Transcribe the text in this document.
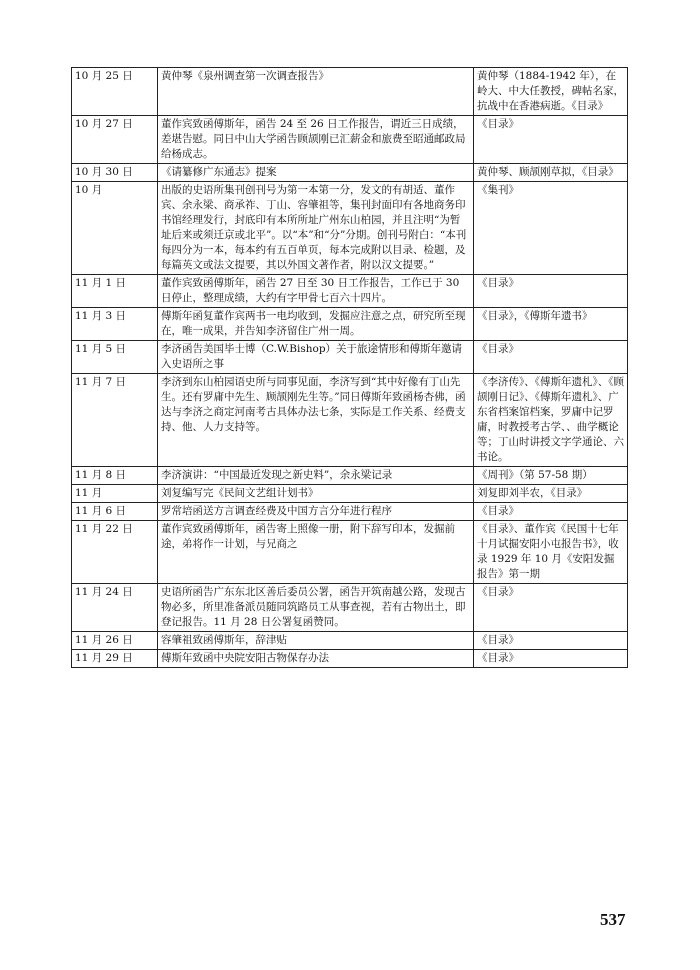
10 月 25 日	黄仲琴《泉州调查第一次调查报告》	黄仲琴（1884-1942 年），在岭大、中大任教授，碑帖名家，抗战中在香港病逝。《目录》
10 月 27 日	董作宾致函傅斯年，函告 24 至 26 日工作报告，谓近三日成绩，差堪告慰。同日中山大学函告顾颉刚已汇薪金和旅费至昭通邮政局给杨成志。	《目录》
10 月 30 日	《请纂修广东通志》提案	黄仲琴、顾颉刚草拟，《目录》
10 月	出版的史语所集刊创刊号为第一本第一分，发文的有胡适、董作宾、余永梁、商承祚、丁山、容肇祖等，集刊封面印有各地商务印书馆经理发行，封底印有本所所址广州东山柏园，并且注明“为暂址后来或须迁京或北平”。以“本”和“分”分期。创刊号附白：“本刊每四分为一本，每本约有五百单页，每本完成附以目录、检题，及每篇英文或法文提要，其以外国文著作者，附以汉文提要。”	《集刊》
11 月 1 日	董作宾致函傅斯年，函告 27 日至 30 日工作报告，工作已于 30 日停止，整理成绩，大约有字甲骨七百六十四片。	《目录》
11 月 3 日	傅斯年函复董作宾两书一电均收到，发掘应注意之点，研究所至现在，唯一成果，并告知李济留住广州一周。	《目录》，《傅斯年遗书》
11 月 5 日	李济函告美国毕士博（C.W.Bishop）关于旅途情形和傅斯年邀请入史语所之事	《目录》
11 月 7 日	李济到东山柏园语史所与同事见面，李济写到“其中好像有丁山先生。还有罗庸中先生、顾颉刚先生等。”同日傅斯年致函杨杏佛，函达与李济之商定河南考古具体办法七条，实际是工作关系、经费支持、他、人力支持等。	《李济传》、《傅斯年遗札》、《顾颉刚日记》、《傅斯年遗札》、广东省档案馆档案，罗庸中记罗庸，时教授考古学、、曲学概论等；丁山时讲授文字学通论、六书论。
11 月 8 日	李济演讲：“中国最近发现之新史料”，余永梁记录	《周刊》（第 57-58 期）
11 月	刘复编写完《民间文艺组计划书》	刘复即刘半农，《目录》
11 月 6 日	罗常培函送方言调查经费及中国方言分年进行程序	《目录》
11 月 22 日	董作宾致函傅斯年，函告寄上照像一册，附下辞写印本，发掘前途，弟将作一计划，与兄商之	《目录》、董作宾《民国十七年十月试掘安阳小屯报告书》，收录 1929 年 10 月《安阳发掘报告》第一期
11 月 24 日	史语所函告广东东北区善后委员公署，函告开筑南越公路，发现古物必多，所里准备派员随同筑路员工从事查视，若有古物出土，即登记报告。11 月 28 日公署复函赞同。	《目录》
11 月 26 日	容肇祖致函傅斯年，辞津贴	《目录》
11 月 29 日	傅斯年致函中央院安阳古物保存办法	《目录》
537
